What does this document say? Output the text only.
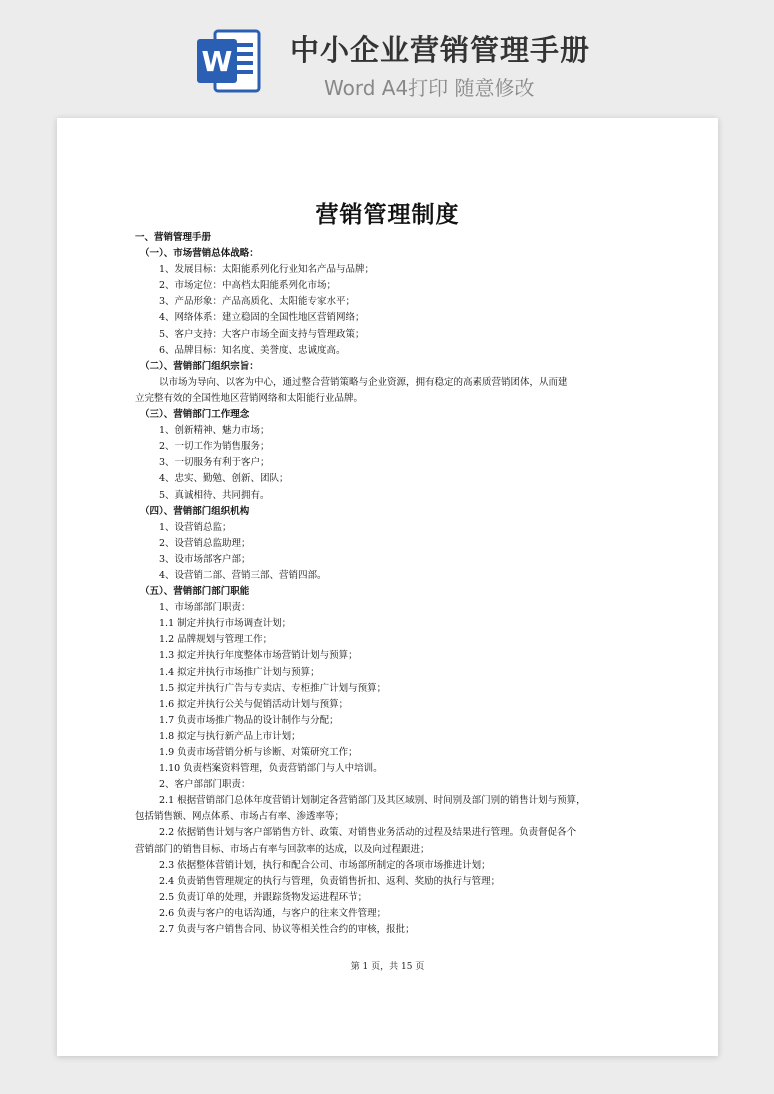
W 中小企业营销管理手册
Word A4打印 随意修改
营销管理制度
一、营销管理手册
（一）、市场营销总体战略：
1、发展目标：太阳能系列化行业知名产品与品牌；
2、市场定位：中高档太阳能系列化市场；
3、产品形象：产品高质化、太阳能专家水平；
4、网络体系：建立稳固的全国性地区营销网络；
5、客户支持：大客户市场全面支持与管理政策；
6、品牌目标：知名度、美誉度、忠诚度高。
（二）、营销部门组织宗旨：
以市场为导向、以客为中心，通过整合营销策略与企业资源，拥有稳定的高素质营销团体，从而建
立完整有效的全国性地区营销网络和太阳能行业品牌。
（三）、营销部门工作理念
1、创新精神、魅力市场；
2、一切工作为销售服务；
3、一切服务有利于客户；
4、忠实、勤勉、创新、团队；
5、真诚相待、共同拥有。
（四）、营销部门组织机构
1、设营销总监；
2、设营销总监助理；
3、设市场部客户部；
4、设营销二部、营销三部、营销四部。
（五）、营销部门部门职能
1、市场部部门职责：
1.1 制定并执行市场调查计划；
1.2 品牌规划与管理工作；
1.3 拟定并执行年度整体市场营销计划与预算；
1.4 拟定并执行市场推广计划与预算；
1.5 拟定并执行广告与专卖店、专柜推广计划与预算；
1.6 拟定并执行公关与促销活动计划与预算；
1.7 负责市场推广物品的设计制作与分配；
1.8 拟定与执行新产品上市计划；
1.9 负责市场营销分析与诊断、对策研究工作；
1.10 负责档案资料管理，负责营销部门与人中培训。
2、客户部部门职责：
2.1 根据营销部门总体年度营销计划制定各营销部门及其区域别、时间别及部门别的销售计划与预算，
包括销售额、网点体系、市场占有率、渗透率等；
2.2 依据销售计划与客户部销售方针、政策、对销售业务活动的过程及结果进行管理。负责督促各个
营销部门的销售目标、市场占有率与回款率的达成，以及向过程跟进；
2.3 依据整体营销计划，执行和配合公司、市场部所制定的各项市场推进计划；
2.4 负责销售管理规定的执行与管理，负责销售折扣、返利、奖励的执行与管理；
2.5 负责订单的处理，并跟踪货物发运进程环节；
2.6 负责与客户的电话沟通，与客户的往来文件管理；
2.7 负责与客户销售合同、协议等相关性合约的审核，报批；
第 1 页，共 15 页
